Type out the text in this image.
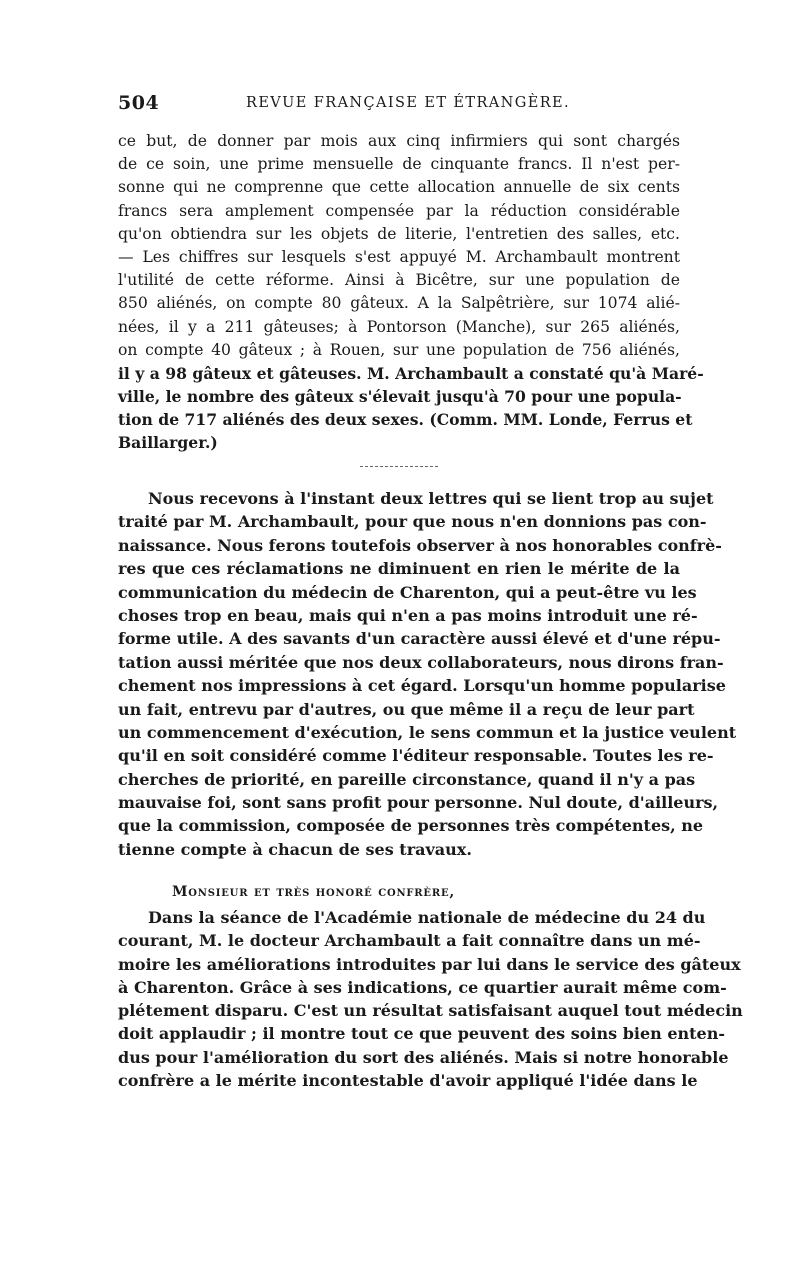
504	REVUE FRANÇAISE ET ÉTRANGÈRE.
ce but, de donner par mois aux cinq infirmiers qui sont chargés
de ce soin, une prime mensuelle de cinquante francs. Il n'est per-
sonne qui ne comprenne que cette allocation annuelle de six cents
francs sera amplement compensée par la réduction considérable
qu'on obtiendra sur les objets de literie, l'entretien des salles, etc.
— Les chiffres sur lesquels s'est appuyé M. Archambault montrent
l'utilité de cette réforme. Ainsi à Bicêtre, sur une population de
850 aliénés, on compte 80 gâteux. A la Salpêtrière, sur 1074 alié-
nées, il y a 211 gâteuses; à Pontorson (Manche), sur 265 aliénés,
on compte 40 gâteux ; à Rouen, sur une population de 756 aliénés,
il y a 98 gâteux et gâteuses. M. Archambault a constaté qu'à Maré-
ville, le nombre des gâteux s'élevait jusqu'à 70 pour une popula-
tion de 717 aliénés des deux sexes. (Comm. MM. Londe, Ferrus et
Baillarger.)
Nous recevons à l'instant deux lettres qui se lient trop au sujet
traité par M. Archambault, pour que nous n'en donnions pas con-
naissance. Nous ferons toutefois observer à nos honorables confrè-
res que ces réclamations ne diminuent en rien le mérite de la
communication du médecin de Charenton, qui a peut-être vu les
choses trop en beau, mais qui n'en a pas moins introduit une ré-
forme utile. A des savants d'un caractère aussi élevé et d'une répu-
tation aussi méritée que nos deux collaborateurs, nous dirons fran-
chement nos impressions à cet égard. Lorsqu'un homme popularise
un fait, entrevu par d'autres, ou que même il a reçu de leur part
un commencement d'exécution, le sens commun et la justice veulent
qu'il en soit considéré comme l'éditeur responsable. Toutes les re-
cherches de priorité, en pareille circonstance, quand il n'y a pas
mauvaise foi, sont sans profit pour personne. Nul doute, d'ailleurs,
que la commission, composée de personnes très compétentes, ne
tienne compte à chacun de ses travaux.
Monsieur et très honoré confrère,
Dans la séance de l'Académie nationale de médecine du 24 du
courant, M. le docteur Archambault a fait connaître dans un mé-
moire les améliorations introduites par lui dans le service des gâteux
à Charenton. Grâce à ses indications, ce quartier aurait même com-
plétement disparu. C'est un résultat satisfaisant auquel tout médecin
doit applaudir ; il montre tout ce que peuvent des soins bien enten-
dus pour l'amélioration du sort des aliénés. Mais si notre honorable
confrère a le mérite incontestable d'avoir appliqué l'idée dans le
